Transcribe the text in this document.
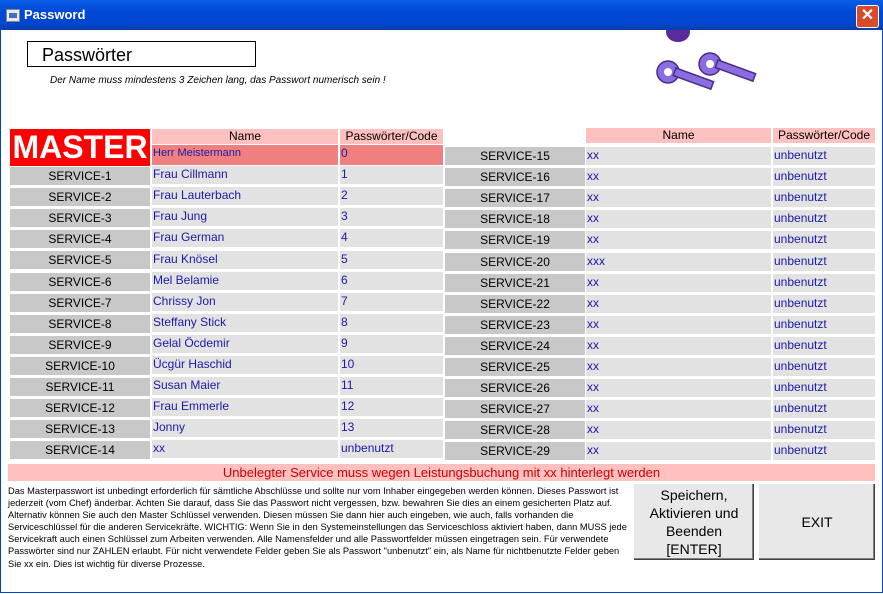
Password	✕
Passwörter
Der Name muss mindestens 3 Zeichen lang, das Passwort numerisch sein !
MASTER	Name	Passwörter/Code	Name	Passwörter/Code
Herr Meistermann	0
SERVICE-1	Frau Cillmann	1
SERVICE-2	Frau Lauterbach	2
SERVICE-3	Frau Jung	3
SERVICE-4	Frau German	4
SERVICE-5	Frau Knösel	5
SERVICE-6	Mel Belamie	6
SERVICE-7	Chrissy Jon	7
SERVICE-8	Steffany Stick	8
SERVICE-9	Gelal Öcdemir	9
SERVICE-10	Ücgür Haschid	10
SERVICE-11	Susan Maier	11
SERVICE-12	Frau Emmerle	12
SERVICE-13	Jonny	13
SERVICE-14	xx	unbenutzt
SERVICE-15	xx	unbenutzt
SERVICE-16	xx	unbenutzt
SERVICE-17	xx	unbenutzt
SERVICE-18	xx	unbenutzt
SERVICE-19	xx	unbenutzt
SERVICE-20	xxx	unbenutzt
SERVICE-21	xx	unbenutzt
SERVICE-22	xx	unbenutzt
SERVICE-23	xx	unbenutzt
SERVICE-24	xx	unbenutzt
SERVICE-25	xx	unbenutzt
SERVICE-26	xx	unbenutzt
SERVICE-27	xx	unbenutzt
SERVICE-28	xx	unbenutzt
SERVICE-29	xx	unbenutzt
Unbelegter Service muss wegen Leistungsbuchung mit xx hinterlegt werden
Das Masterpasswort ist unbedingt erforderlich für sämtliche Abschlüsse und sollte nur vom Inhaber eingegeben werden können. Dieses Passwort ist jederzeit (vom Chef) änderbar. Achten Sie darauf, dass Sie das Passwort nicht vergessen, bzw. bewahren Sie dies an einem gesicherten Platz auf. Alternativ können Sie auch den Master Schlüssel verwenden. Diesen müssen Sie dann hier auch eingeben, wie auch, falls vorhanden die Serviceschlüssel für die anderen Servicekräfte. WICHTIG: Wenn Sie in den Systemeinstellungen das Serviceschloss aktiviert haben, dann MUSS jede Servicekraft auch einen Schlüssel zum Arbeiten verwenden. Alle Namensfelder und alle Passwortfelder müssen eingetragen sein. Für verwendete Passwörter sind nur ZAHLEN erlaubt. Für nicht verwendete Felder geben Sie als Passwort "unbenutzt" ein, als Name für nichtbenutzte Felder geben Sie xx ein. Dies ist wichtig für diverse Prozesse.
Speichern,
Aktivieren und
Beenden
[ENTER]
EXIT
